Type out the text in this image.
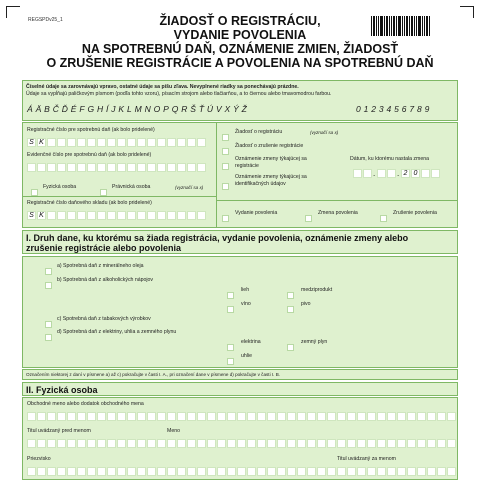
REGSPDv25_1	ŽIADOSŤ O REGISTRÁCIU,
VYDANIE POVOLENIA
NA SPOTREBNÚ DAŇ, OZNÁMENIE ZMIEN, ŽIADOSŤ
O ZRUŠENIE REGISTRÁCIE A POVOLENIA NA SPOTREBNÚ DAŇ
Číselné údaje sa zarovnávajú vpravo, ostatné údaje sa píšu zľava. Nevyplnené riadky sa ponechávajú prázdne.
Údaje sa vypĺňajú paličkovým písmom (podľa tohto vzoru), písacím strojom alebo tlačiarňou, a to čiernou alebo tmavomodrou farbou.
ÁÄBČĎÉFGHÍJKLMNOPQRŠŤÚVXÝŽ	0123456789
Registračné číslo pre spotrebnú daň (ak bolo pridelené)
S K
Evidenčné číslo pre spotrebnú daň (ak bolo pridelené)
Fyzická osoba	Právnická osoba	(vyznačí sa x)
Registračné číslo daňového skladu (ak bolo pridelené)
S K
Žiadosť o registráciu	(vyznačí sa x)
Žiadosť o zrušenie registrácie
Oznámenie zmeny týkajúcej sa
registrácie
Dátum, ku ktorému nastala zmena
Oznámenie zmeny týkajúcej sa
identifikačných údajov
.	. 2 0
Vydanie povolenia	Zmena povolenia	Zrušenie povolenia
I. Druh dane, ku ktorému sa žiada registrácia, vydanie povolenia, oznámenie zmeny alebo
zrušenie registrácie alebo povolenia
a) Spotrebná daň z minerálneho oleja
b) Spotrebná daň z alkoholických nápojov
lieh	medziprodukt
víno	pivo
c) Spotrebná daň z tabakových výrobkov
d) Spotrebná daň z elektriny, uhlia a zemného plynu
elektrina	zemný plyn
uhlie
Označením niektorej z daní v písmene a) až c) pokračujte v časti I. A., pri označení dane v písmene d) pokračujte v časti I. B.
II. Fyzická osoba
Obchodné meno alebo dodatok obchodného mena
Titul uvádzaný pred menom	Meno
Priezvisko	Titul uvádzaný za menom
